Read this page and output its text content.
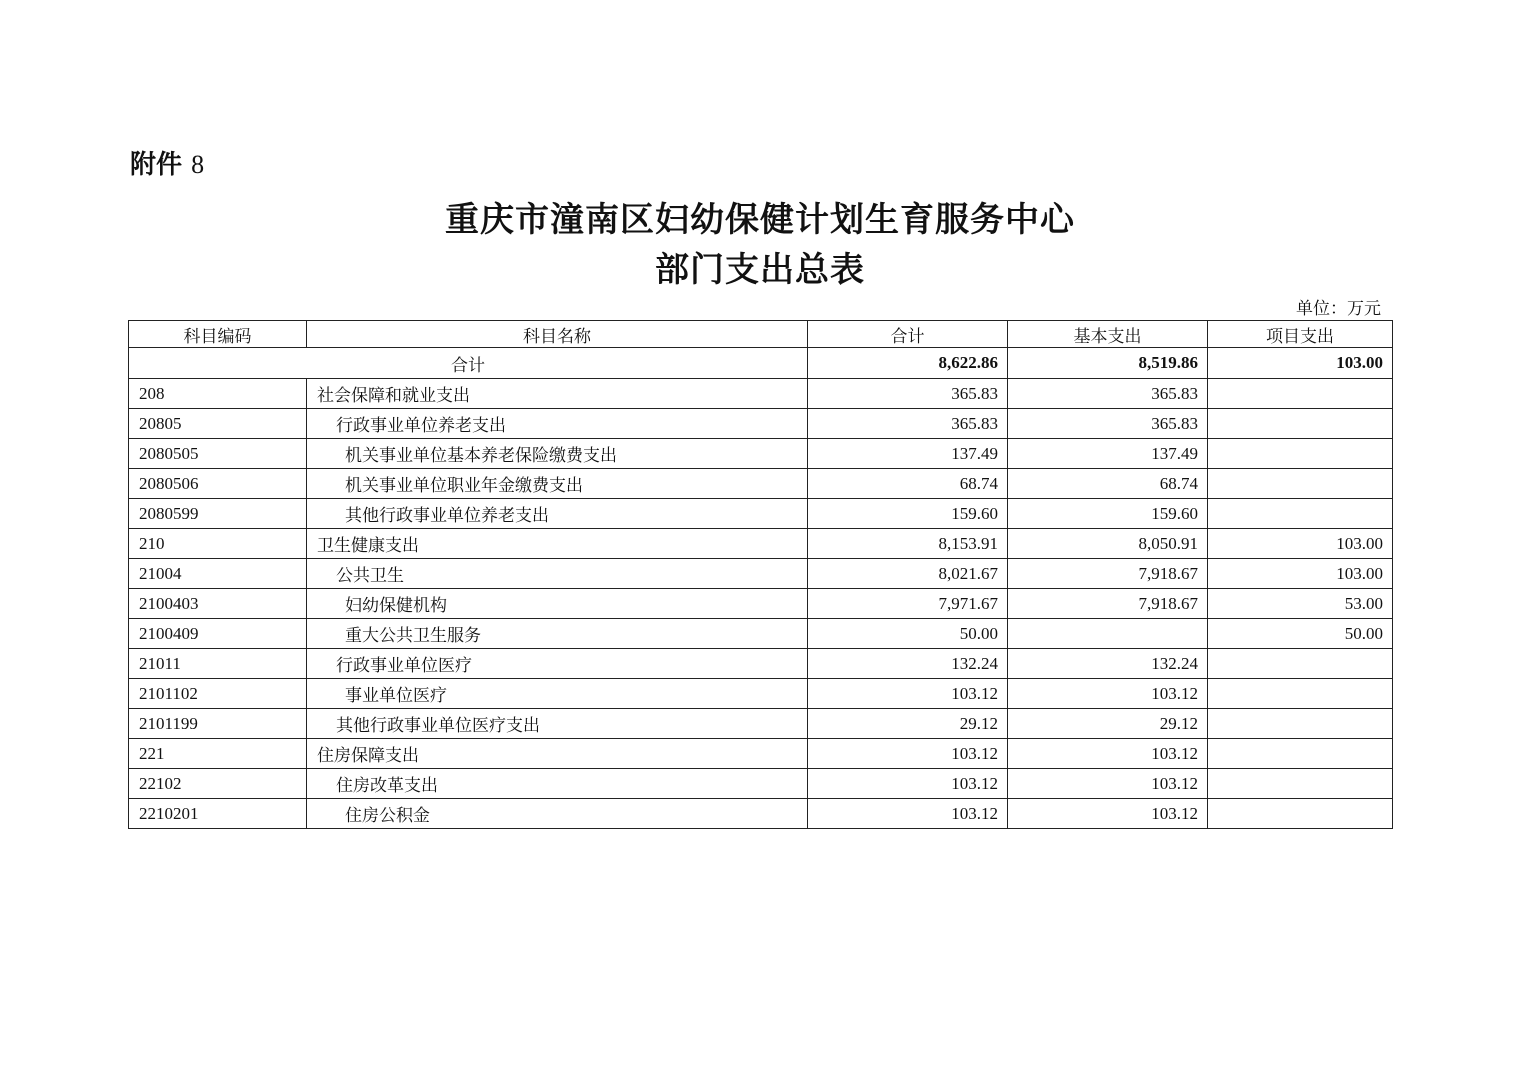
附件 8
重庆市潼南区妇幼保健计划生育服务中心
部门支出总表
单位：万元
科目编码	科目名称	合计	基本支出	项目支出
合计		8,622.86	8,519.86	103.00
208	社会保障和就业支出	365.83	365.83	
20805	行政事业单位养老支出	365.83	365.83	
2080505	机关事业单位基本养老保险缴费支出	137.49	137.49	
2080506	机关事业单位职业年金缴费支出	68.74	68.74	
2080599	其他行政事业单位养老支出	159.60	159.60	
210	卫生健康支出	8,153.91	8,050.91	103.00
21004	公共卫生	8,021.67	7,918.67	103.00
2100403	妇幼保健机构	7,971.67	7,918.67	53.00
2100409	重大公共卫生服务	50.00		50.00
21011	行政事业单位医疗	132.24	132.24	
2101102	事业单位医疗	103.12	103.12	
2101199	其他行政事业单位医疗支出	29.12	29.12	
221	住房保障支出	103.12	103.12	
22102	住房改革支出	103.12	103.12	
2210201	住房公积金	103.12	103.12	
